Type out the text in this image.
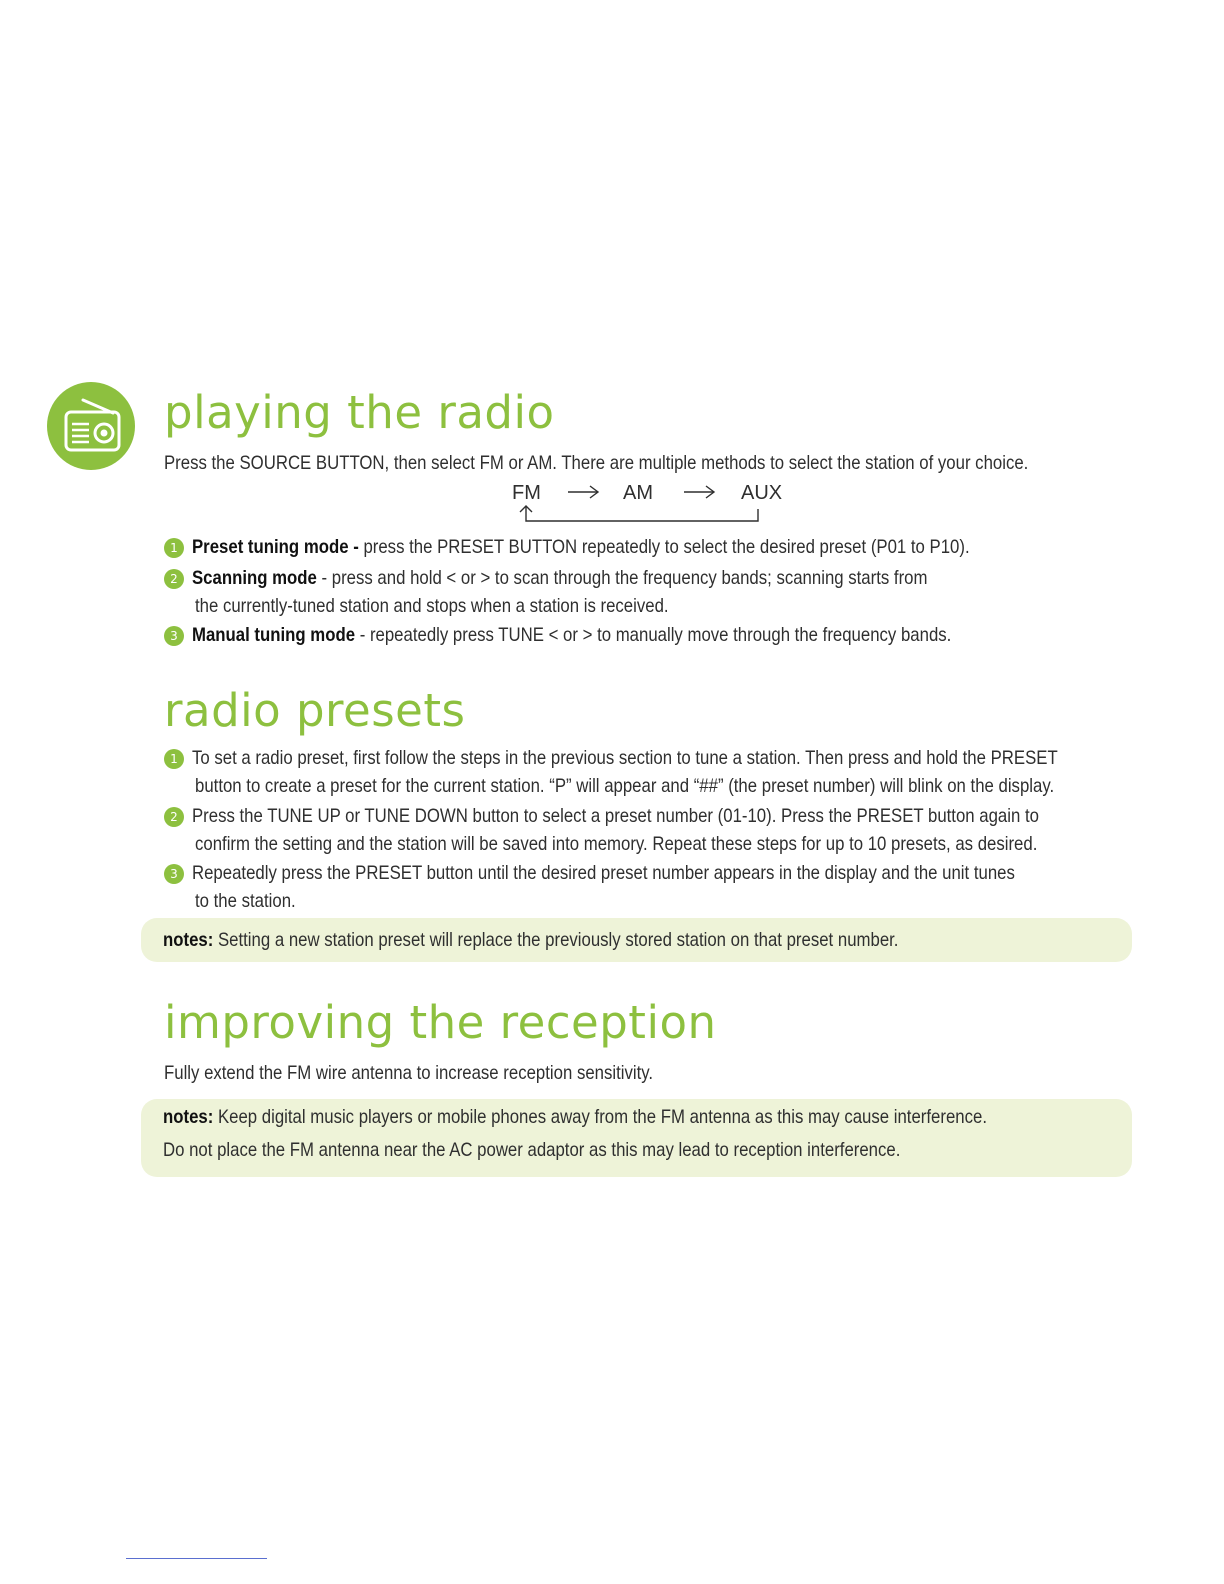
playing the radio
Press the SOURCE BUTTON, then select FM or AM. There are multiple methods to select the station of your choice.
FM	AM	AUX
1 Preset tuning mode - press the PRESET BUTTON repeatedly to select the desired preset (P01 to P10).
2 Scanning mode - press and hold < or > to scan through the frequency bands; scanning starts from
the currently-tuned station and stops when a station is received.
3 Manual tuning mode - repeatedly press TUNE < or > to manually move through the frequency bands.
radio presets
1 To set a radio preset, first follow the steps in the previous section to tune a station. Then press and hold the PRESET
button to create a preset for the current station. “P” will appear and “##” (the preset number) will blink on the display.
2 Press the TUNE UP or TUNE DOWN button to select a preset number (01-10). Press the PRESET button again to
confirm the setting and the station will be saved into memory. Repeat these steps for up to 10 presets, as desired.
3 Repeatedly press the PRESET button until the desired preset number appears in the display and the unit tunes
to the station.
notes: Setting a new station preset will replace the previously stored station on that preset number.
improving the reception
Fully extend the FM wire antenna to increase reception sensitivity.
notes: Keep digital music players or mobile phones away from the FM antenna as this may cause interference.
Do not place the FM antenna near the AC power adaptor as this may lead to reception interference.
